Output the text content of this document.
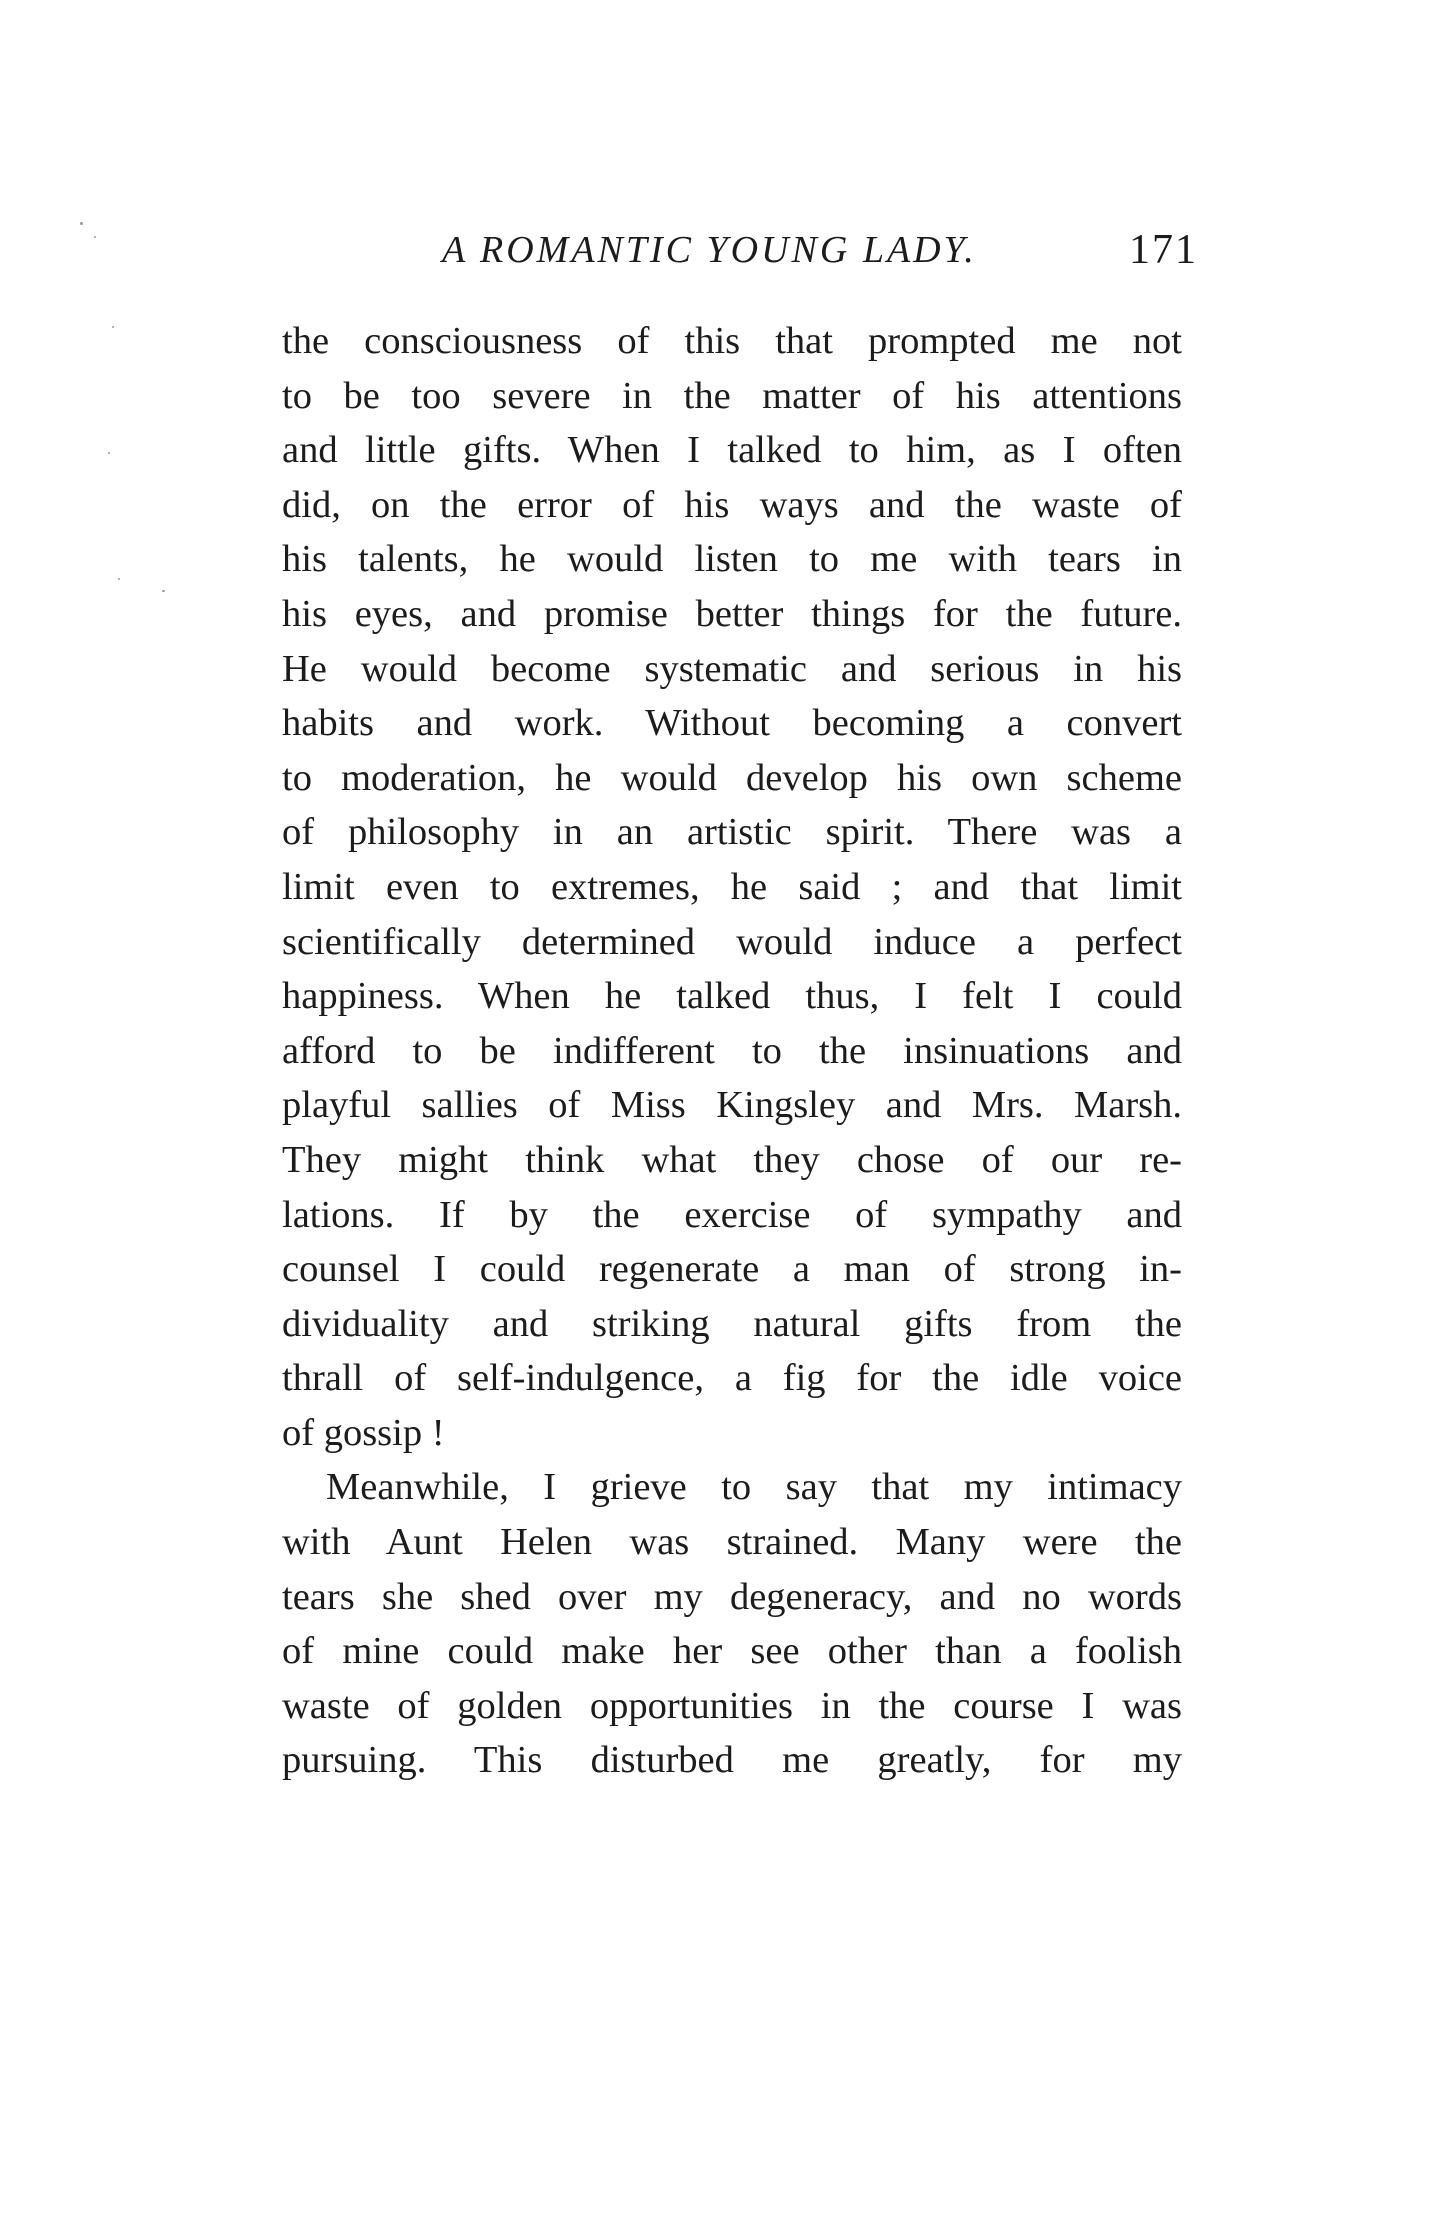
A ROMANTIC YOUNG LADY.	171
the consciousness of this that prompted me not
to be too severe in the matter of his attentions
and little gifts. When I talked to him, as I often
did, on the error of his ways and the waste of
his talents, he would listen to me with tears in
his eyes, and promise better things for the future.
He would become systematic and serious in his
habits and work. Without becoming a convert
to moderation, he would develop his own scheme
of philosophy in an artistic spirit. There was a
limit even to extremes, he said ; and that limit
scientifically determined would induce a perfect
happiness. When he talked thus, I felt I could
afford to be indifferent to the insinuations and
playful sallies of Miss Kingsley and Mrs. Marsh.
They might think what they chose of our re-
lations. If by the exercise of sympathy and
counsel I could regenerate a man of strong in-
dividuality and striking natural gifts from the
thrall of self-indulgence, a fig for the idle voice
of gossip !
Meanwhile, I grieve to say that my intimacy
with Aunt Helen was strained. Many were the
tears she shed over my degeneracy, and no words
of mine could make her see other than a foolish
waste of golden opportunities in the course I was
pursuing. This disturbed me greatly, for my
